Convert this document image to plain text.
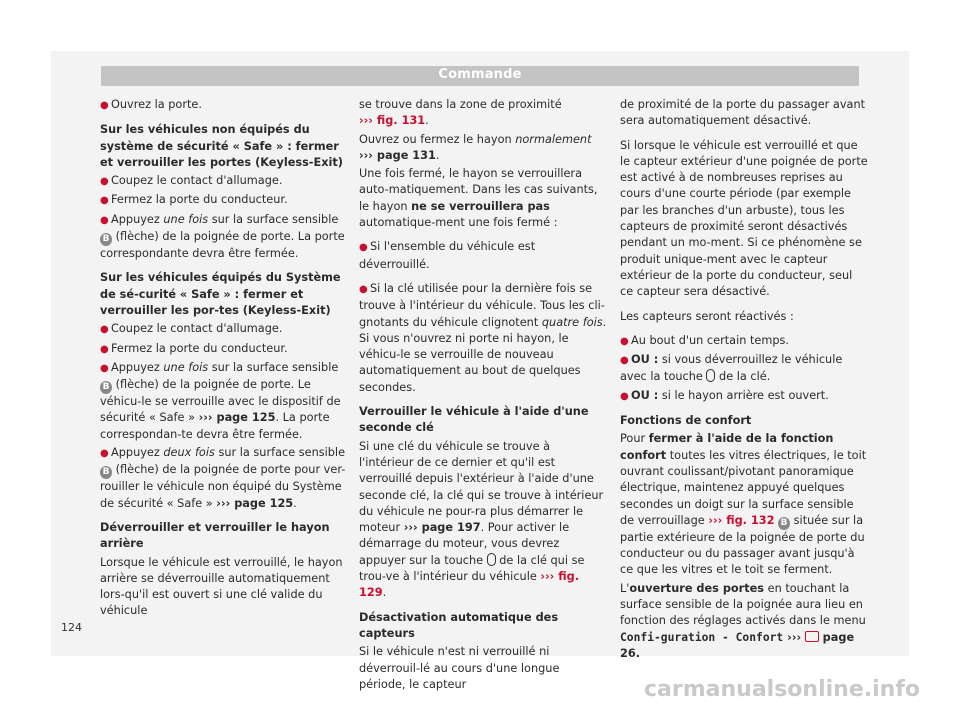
Commande

● Ouvrez la porte.

Sur les véhicules non équipés du système de sécurité « Safe » : fermer et verrouiller les portes (Keyless-Exit)

● Coupez le contact d'allumage.

● Fermez la porte du conducteur.

● Appuyez une fois sur la surface sensible
B (flèche) de la poignée de porte. La porte correspondante devra être fermée.

Sur les véhicules équipés du Système de sé-curité « Safe » : fermer et verrouiller les por-tes (Keyless-Exit)

● Coupez le contact d'allumage.

● Fermez la porte du conducteur.

● Appuyez une fois sur la surface sensible
B (flèche) de la poignée de porte. Le véhicu-le se verrouille avec le dispositif de sécurité « Safe » ››› page 125. La porte correspondan-te devra être fermée.

● Appuyez deux fois sur la surface sensible
B (flèche) de la poignée de porte pour ver-rouiller le véhicule non équipé du Système de sécurité « Safe » ››› page 125.

Déverrouiller et verrouiller le hayon arrière

Lorsque le véhicule est verrouillé, le hayon arrière se déverrouille automatiquement lors-qu'il est ouvert si une clé valide du véhicule

se trouve dans la zone de proximité
››› fig. 131.

Ouvrez ou fermez le hayon normalement
››› page 131.

Une fois fermé, le hayon se verrouillera auto-matiquement. Dans les cas suivants, le hayon ne se verrouillera pas automatique-ment une fois fermé :

● Si l'ensemble du véhicule est déverrouillé.

● Si la clé utilisée pour la dernière fois se trouve à l'intérieur du véhicule. Tous les cli-gnotants du véhicule clignotent quatre fois. Si vous n'ouvrez ni porte ni hayon, le véhicu-le se verrouille de nouveau automatiquement au bout de quelques secondes.

Verrouiller le véhicule à l'aide d'une seconde clé

Si une clé du véhicule se trouve à l'intérieur de ce dernier et qu'il est verrouillé depuis l'extérieur à l'aide d'une seconde clé, la clé qui se trouve à intérieur du véhicule ne pour-ra plus démarrer le moteur ››› page 197. Pour activer le démarrage du moteur, vous devrez appuyer sur la touche  de la clé qui se trou-ve à l'intérieur du véhicule ››› fig. 129.

Désactivation automatique des capteurs

Si le véhicule n'est ni verrouillé ni déverrouil-lé au cours d'une longue période, le capteur

de proximité de la porte du passager avant sera automatiquement désactivé.

Si lorsque le véhicule est verrouillé et que le capteur extérieur d'une poignée de porte est activé à de nombreuses reprises au cours d'une courte période (par exemple par les branches d'un arbuste), tous les capteurs de proximité seront désactivés pendant un mo-ment. Si ce phénomène se produit unique-ment avec le capteur extérieur de la porte du conducteur, seul ce capteur sera désactivé.

Les capteurs seront réactivés :

● Au bout d'un certain temps.

● OU : si vous déverrouillez le véhicule avec la touche  de la clé.

● OU : si le hayon arrière est ouvert.

Fonctions de confort

Pour fermer à l'aide de la fonction confort toutes les vitres électriques, le toit ouvrant coulissant/pivotant panoramique électrique, maintenez appuyé quelques secondes un doigt sur la surface sensible de verrouillage ››› fig. 132 B située sur la partie extérieure de la poignée de porte du conducteur ou du passager avant jusqu'à ce que les vitres et le toit se ferment.

L'ouverture des portes en touchant la surface sensible de la poignée aura lieu en fonction des réglages activés dans le menu Confi-guration - Confort ›››  page 26.

124
carmanualsonline.info
